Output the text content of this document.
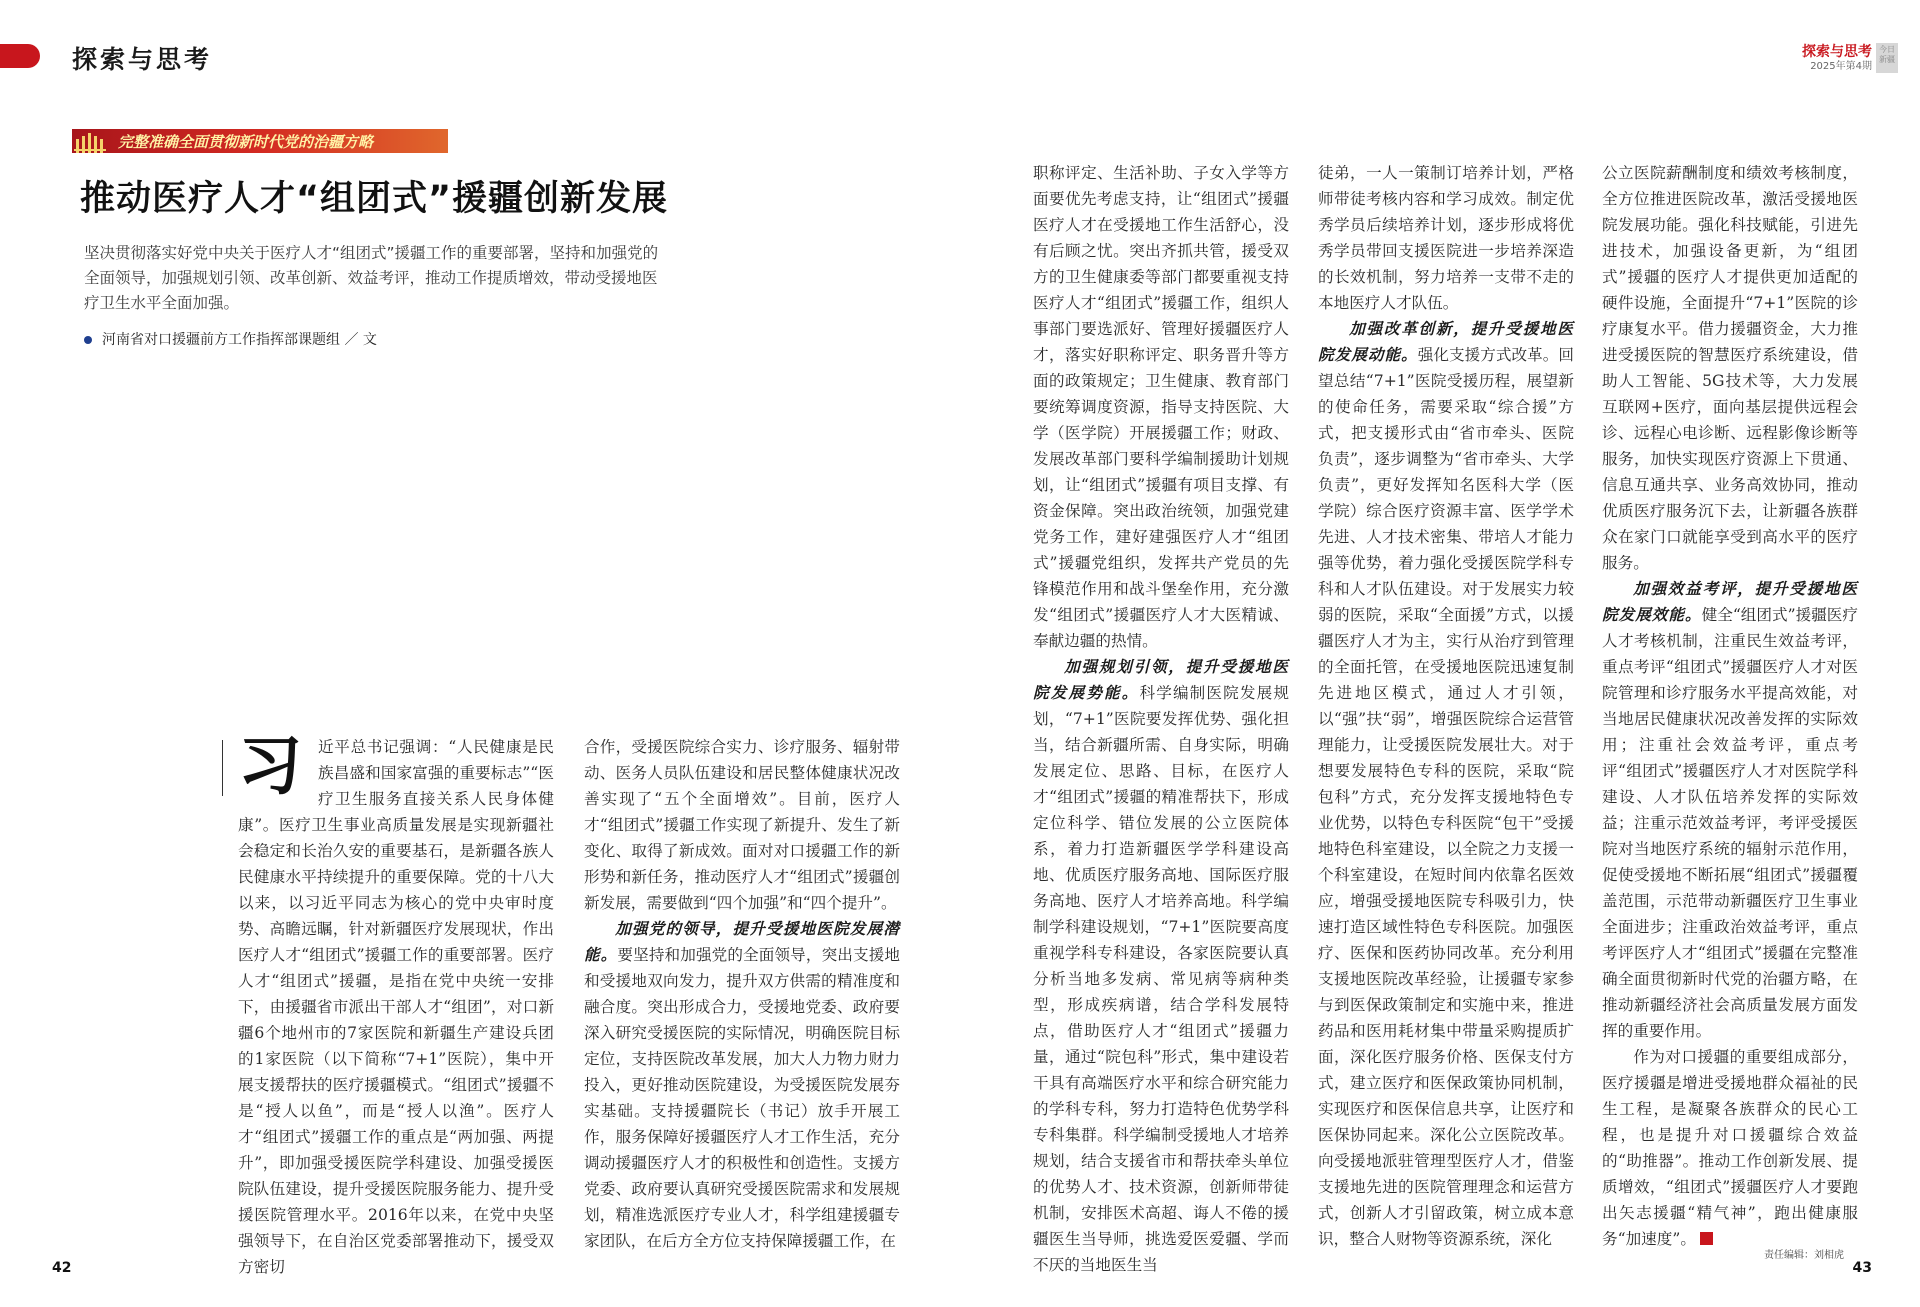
探索与思考	探索与思考
2025年第4期
今日新疆
完整准确全面贯彻新时代党的治疆方略
推动医疗人才“组团式”援疆创新发展
坚决贯彻落实好党中央关于医疗人才“组团式”援疆工作的重要部署，坚持和加强党的全面领导，加强规划引领、改革创新、效益考评，推动工作提质增效，带动受援地医疗卫生水平全面加强。
河南省对口援疆前方工作指挥部课题组 ／ 文
习 近平总书记强调：“人民健康是民族昌盛和国家富强的重要标志”“医疗卫生服务直接关系人民身体健康”。医疗卫生事业高质量发展是实现新疆社会稳定和长治久安的重要基石，是新疆各族人民健康水平持续提升的重要保障。党的十八大以来，以习近平同志为核心的党中央审时度势、高瞻远瞩，针对新疆医疗发展现状，作出医疗人才“组团式”援疆工作的重要部署。医疗人才“组团式”援疆，是指在党中央统一安排下，由援疆省市派出干部人才“组团”，对口新疆6个地州市的7家医院和新疆生产建设兵团的1家医院（以下简称“7+1”医院），集中开展支援帮扶的医疗援疆模式。“组团式”援疆不是“授人以鱼”，而是“授人以渔”。医疗人才“组团式”援疆工作的重点是“两加强、两提升”，即加强受援医院学科建设、加强受援医院队伍建设，提升受援医院服务能力、提升受援医院管理水平。2016年以来，在党中央坚强领导下，在自治区党委部署推动下，援受双方密切

合作，受援医院综合实力、诊疗服务、辐射带动、医务人员队伍建设和居民整体健康状况改善实现了“五个全面增效”。目前，医疗人才“组团式”援疆工作实现了新提升、发生了新变化、取得了新成效。面对对口援疆工作的新形势和新任务，推动医疗人才“组团式”援疆创新发展，需要做到“四个加强”和“四个提升”。

加强党的领导，提升受援地医院发展潜能。要坚持和加强党的全面领导，突出支援地和受援地双向发力，提升双方供需的精准度和融合度。突出形成合力，受援地党委、政府要深入研究受援医院的实际情况，明确医院目标定位，支持医院改革发展，加大人力物力财力投入，更好推动医院建设，为受援医院发展夯实基础。支持援疆院长（书记）放手开展工作，服务保障好援疆医疗人才工作生活，充分调动援疆医疗人才的积极性和创造性。支援方党委、政府要认真研究受援医院需求和发展规划，精准选派医疗专业人才，科学组建援疆专家团队，在后方全方位支持保障援疆工作，在

职称评定、生活补助、子女入学等方面要优先考虑支持，让“组团式”援疆医疗人才在受援地工作生活舒心，没有后顾之忧。突出齐抓共管，援受双方的卫生健康委等部门都要重视支持医疗人才“组团式”援疆工作，组织人事部门要选派好、管理好援疆医疗人才，落实好职称评定、职务晋升等方面的政策规定；卫生健康、教育部门要统筹调度资源，指导支持医院、大学（医学院）开展援疆工作；财政、发展改革部门要科学编制援助计划规划，让“组团式”援疆有项目支撑、有资金保障。突出政治统领，加强党建党务工作，建好建强医疗人才“组团式”援疆党组织，发挥共产党员的先锋模范作用和战斗堡垒作用，充分激发“组团式”援疆医疗人才大医精诚、奉献边疆的热情。

加强规划引领，提升受援地医院发展势能。科学编制医院发展规划，“7+1”医院要发挥优势、强化担当，结合新疆所需、自身实际，明确发展定位、思路、目标，在医疗人才“组团式”援疆的精准帮扶下，形成定位科学、错位发展的公立医院体系，着力打造新疆医学学科建设高地、优质医疗服务高地、国际医疗服务高地、医疗人才培养高地。科学编制学科建设规划，“7+1”医院要高度重视学科专科建设，各家医院要认真分析当地多发病、常见病等病种类型，形成疾病谱，结合学科发展特点，借助医疗人才“组团式”援疆力量，通过“院包科”形式，集中建设若干具有高端医疗水平和综合研究能力的学科专科，努力打造特色优势学科专科集群。科学编制受援地人才培养规划，结合支援省市和帮扶牵头单位的优势人才、技术资源，创新师带徒机制，安排医术高超、诲人不倦的援疆医生当导师，挑选爱医爱疆、学而不厌的当地医生当

徒弟，一人一策制订培养计划，严格师带徒考核内容和学习成效。制定优秀学员后续培养计划，逐步形成将优秀学员带回支援医院进一步培养深造的长效机制，努力培养一支带不走的本地医疗人才队伍。

加强改革创新，提升受援地医院发展动能。强化支援方式改革。回望总结“7+1”医院受援历程，展望新的使命任务，需要采取“综合援”方式，把支援形式由“省市牵头、医院负责”，逐步调整为“省市牵头、大学负责”，更好发挥知名医科大学（医学院）综合医疗资源丰富、医学学术先进、人才技术密集、带培人才能力强等优势，着力强化受援医院学科专科和人才队伍建设。对于发展实力较弱的医院，采取“全面援”方式，以援疆医疗人才为主，实行从治疗到管理的全面托管，在受援地医院迅速复制先进地区模式，通过人才引领，以“强”扶“弱”，增强医院综合运营管理能力，让受援医院发展壮大。对于想要发展特色专科的医院，采取“院包科”方式，充分发挥支援地特色专业优势，以特色专科医院“包干”受援地特色科室建设，以全院之力支援一个科室建设，在短时间内依靠名医效应，增强受援地医院专科吸引力，快速打造区域性特色专科医院。加强医疗、医保和医药协同改革。充分利用支援地医院改革经验，让援疆专家参与到医保政策制定和实施中来，推进药品和医用耗材集中带量采购提质扩面，深化医疗服务价格、医保支付方式，建立医疗和医保政策协同机制，实现医疗和医保信息共享，让医疗和医保协同起来。深化公立医院改革。向受援地派驻管理型医疗人才，借鉴支援地先进的医院管理理念和运营方式，创新人才引留政策，树立成本意识，整合人财物等资源系统，深化

公立医院薪酬制度和绩效考核制度，全方位推进医院改革，激活受援地医院发展功能。强化科技赋能，引进先进技术，加强设备更新，为“组团式”援疆的医疗人才提供更加适配的硬件设施，全面提升“7+1”医院的诊疗康复水平。借力援疆资金，大力推进受援医院的智慧医疗系统建设，借助人工智能、5G技术等，大力发展互联网+医疗，面向基层提供远程会诊、远程心电诊断、远程影像诊断等服务，加快实现医疗资源上下贯通、信息互通共享、业务高效协同，推动优质医疗服务沉下去，让新疆各族群众在家门口就能享受到高水平的医疗服务。

加强效益考评，提升受援地医院发展效能。健全“组团式”援疆医疗人才考核机制，注重民生效益考评，重点考评“组团式”援疆医疗人才对医院管理和诊疗服务水平提高效能，对当地居民健康状况改善发挥的实际效用；注重社会效益考评，重点考评“组团式”援疆医疗人才对医院学科建设、人才队伍培养发挥的实际效益；注重示范效益考评，考评受援医院对当地医疗系统的辐射示范作用，促使受援地不断拓展“组团式”援疆覆盖范围，示范带动新疆医疗卫生事业全面进步；注重政治效益考评，重点考评医疗人才“组团式”援疆在完整准确全面贯彻新时代党的治疆方略，在推动新疆经济社会高质量发展方面发挥的重要作用。

作为对口援疆的重要组成部分，医疗援疆是增进受援地群众福祉的民生工程，是凝聚各族群众的民心工程，也是提升对口援疆综合效益的“助推器”。推动工作创新发展、提质增效，“组团式”援疆医疗人才要跑出矢志援疆“精气神”，跑出健康服务“加速度”。

42
责任编辑：刘相虎
43
